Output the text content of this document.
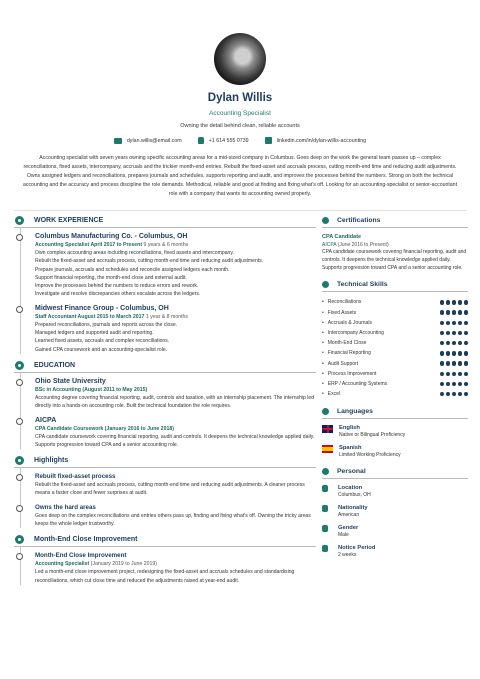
Dylan Willis
Accounting Specialist
Owning the detail behind clean, reliable accounts
dylan.willis@email.com	+1 614 555 0739	linkedin.com/in/dylan-willis-accounting
Accounting specialist with seven years owning specific accounting areas for a mid-sized company in Columbus. Goes deep on the work the general team passes up – complex reconciliations, fixed assets, intercompany, accruals and the trickier month-end entries. Rebuilt the fixed-asset and accruals process, cutting month-end time and reducing audit adjustments. Owns assigned ledgers and reconciliations, prepares journals and schedules, supports reporting and audit, and improves the processes behind the numbers. Strong on both the technical accounting and the accuracy and process discipline the role demands. Methodical, reliable and good at finding and fixing what's off. Looking for an accounting-specialist or senior-accountant role with a company that wants its accounting owned properly.
WORK EXPERIENCE
Columbus Manufacturing Co. - Columbus, OH
Accounting Specialist April 2017 to Present 9 years & 6 months

Own complex accounting areas including reconciliations, fixed assets and intercompany.

Rebuilt the fixed-asset and accruals process, cutting month-end time and reducing audit adjustments.

Prepare journals, accruals and schedules and reconcile assigned ledgers each month.

Support financial reporting, the month-end close and external audit.

Improve the processes behind the numbers to reduce errors and rework.

Investigate and resolve discrepancies others escalate across the ledgers.

Midwest Finance Group - Columbus, OH
Staff Accountant August 2015 to March 2017 1 year & 8 months

Prepared reconciliations, journals and reports across the close.

Managed ledgers and supported audit and reporting.

Learned fixed assets, accruals and complex reconciliations.

Gained CPA coursework and an accounting-specialist role.

EDUCATION
Ohio State University
BSc in Accounting (August 2011 to May 2015)
Accounting degree covering financial reporting, audit, controls and taxation, with an internship placement. The internship led directly into a hands-on accounting role. Built the technical foundation the role requires.
AICPA
CPA Candidate Coursework (January 2016 to June 2018)
CPA candidate coursework covering financial reporting, audit and controls. It deepens the technical knowledge applied daily. Supports progression toward CPA and a senior accounting role.
Highlights
Rebuilt fixed-asset process
Rebuilt the fixed-asset and accruals process, cutting month-end time and reducing audit adjustments. A cleaner process means a faster close and fewer surprises at audit.
Owns the hard areas
Goes deep on the complex reconciliations and entries others pass up, finding and fixing what's off. Owning the tricky areas keeps the whole ledger trustworthy.
Month-End Close Improvement
Month-End Close Improvement
Accounting Specialist (January 2019 to June 2019)
Led a month-end close improvement project, redesigning the fixed-asset and accruals schedules and standardising reconciliations, which cut close time and reduced the adjustments raised at year-end audit.
Certifications
CPA Candidate
AICPA (June 2016 to Present)
CPA candidate coursework covering financial reporting, audit and controls. It deepens the technical knowledge applied daily. Supports progression toward CPA and a senior accounting role.
Technical Skills
• Reconciliations
• Fixed Assets
• Accruals & Journals
• Intercompany Accounting
• Month-End Close
• Financial Reporting
• Audit Support
• Process Improvement
• ERP / Accounting Systems
• Excel
Languages
English
Native or Bilingual Proficiency
Spanish
Limited Working Proficiency
Personal
Location
Columbus, OH
Nationality
American
Gender
Male
Notice Period
2 weeks
